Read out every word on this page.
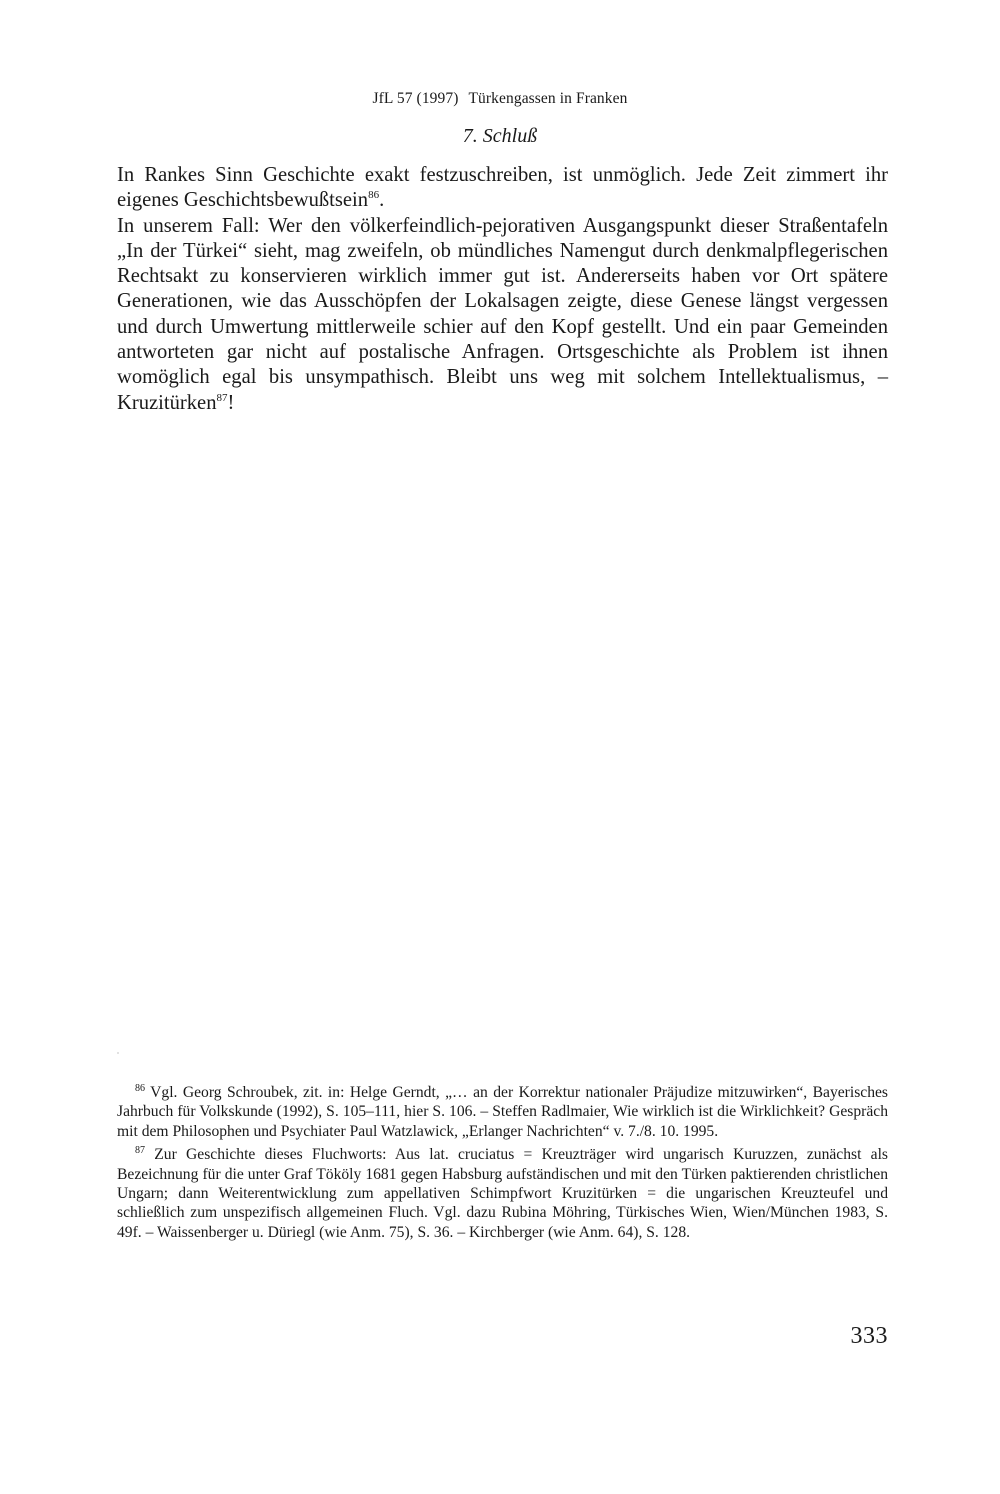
JfL 57 (1997) Türkengassen in Franken
7. Schluß

In Rankes Sinn Geschichte exakt festzuschreiben, ist unmöglich. Jede Zeit zimmert ihr eigenes Geschichtsbewußtsein$^{86}$.

In unserem Fall: Wer den völkerfeindlich-pejorativen Ausgangspunkt dieser Straßentafeln „In der Türkei“ sieht, mag zweifeln, ob mündliches Namengut durch denkmalpflegerischen Rechtsakt zu konservieren wirklich immer gut ist. Andererseits haben vor Ort spätere Generationen, wie das Ausschöpfen der Lokalsagen zeigte, diese Genese längst vergessen und durch Umwertung mittlerweile schier auf den Kopf gestellt. Und ein paar Gemeinden antworteten gar nicht auf postalische Anfragen. Ortsgeschichte als Problem ist ihnen womöglich egal bis unsympathisch. Bleibt uns weg mit solchem Intellektualismus, – Kruzitürken$^{87}$!

$^{86}$ Vgl. Georg Schroubek, zit. in: Helge Gerndt, „… an der Korrektur nationaler Präjudize mitzuwirken“, Bayerisches Jahrbuch für Volkskunde (1992), S. 105–111, hier S. 106. – Steffen Radlmaier, Wie wirklich ist die Wirklichkeit? Gespräch mit dem Philosophen und Psychiater Paul Watzlawick, „Erlanger Nachrichten“ v. 7./8. 10. 1995.

$^{87}$ Zur Geschichte dieses Fluchworts: Aus lat. cruciatus = Kreuzträger wird ungarisch Kuruzzen, zunächst als Bezeichnung für die unter Graf Tököly 1681 gegen Habsburg aufständischen und mit den Türken paktierenden christlichen Ungarn; dann Weiterentwicklung zum appellativen Schimpfwort Kruzitürken = die ungarischen Kreuzteufel und schließlich zum unspezifisch allgemeinen Fluch. Vgl. dazu Rubina Möhring, Türkisches Wien, Wien/München 1983, S. 49f. – Waissenberger u. Düriegl (wie Anm. 75), S. 36. – Kirchberger (wie Anm. 64), S. 128.

333
